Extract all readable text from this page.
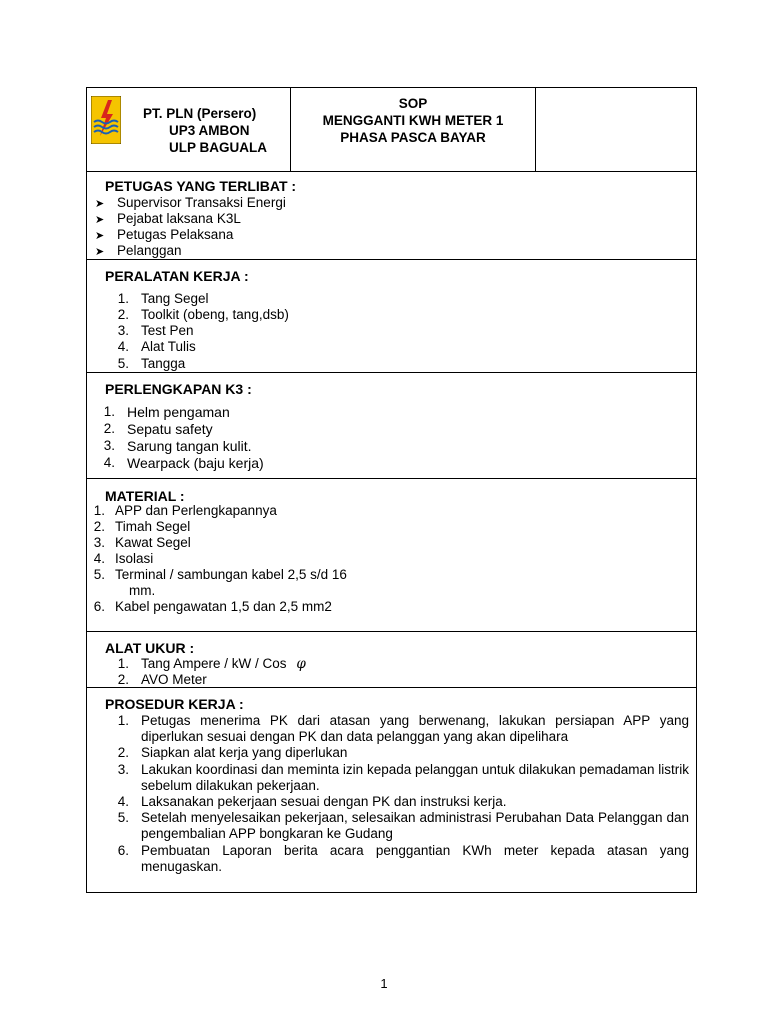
PT. PLN (Persero)
UP3 AMBON
ULP BAGUALA
SOP
MENGGANTI KWH METER 1
PHASA PASCA BAYAR
PETUGAS YANG TERLIBAT :
➤ Supervisor Transaksi Energi
➤ Pejabat laksana K3L
➤ Petugas Pelaksana
➤ Pelanggan
PERALATAN KERJA :
1. Tang Segel
2. Toolkit (obeng, tang,dsb)
3. Test Pen
4. Alat Tulis
5. Tangga
PERLENGKAPAN K3 :
1. Helm pengaman
2. Sepatu safety
3. Sarung tangan kulit.
4. Wearpack (baju kerja)
MATERIAL :
1. APP dan Perlengkapannya
2. Timah Segel
3. Kawat Segel
4. Isolasi
5. Terminal / sambungan kabel 2,5 s/d 16
mm.
6. Kabel pengawatan 1,5 dan 2,5 mm2
ALAT UKUR :
1. Tang Ampere / kW / Cos φ
2. AVO Meter
PROSEDUR KERJA :
1. Petugas menerima PK dari atasan yang berwenang, lakukan persiapan APP yang diperlukan sesuai dengan PK dan data pelanggan yang akan dipelihara
2. Siapkan alat kerja yang diperlukan
3. Lakukan koordinasi dan meminta izin kepada pelanggan untuk dilakukan pemadaman listrik sebelum dilakukan pekerjaan.
4. Laksanakan pekerjaan sesuai dengan PK dan instruksi kerja.
5. Setelah menyelesaikan pekerjaan, selesaikan administrasi Perubahan Data Pelanggan dan pengembalian APP bongkaran ke Gudang
6. Pembuatan Laporan berita acara penggantian KWh meter kepada atasan yang menugaskan.
1
